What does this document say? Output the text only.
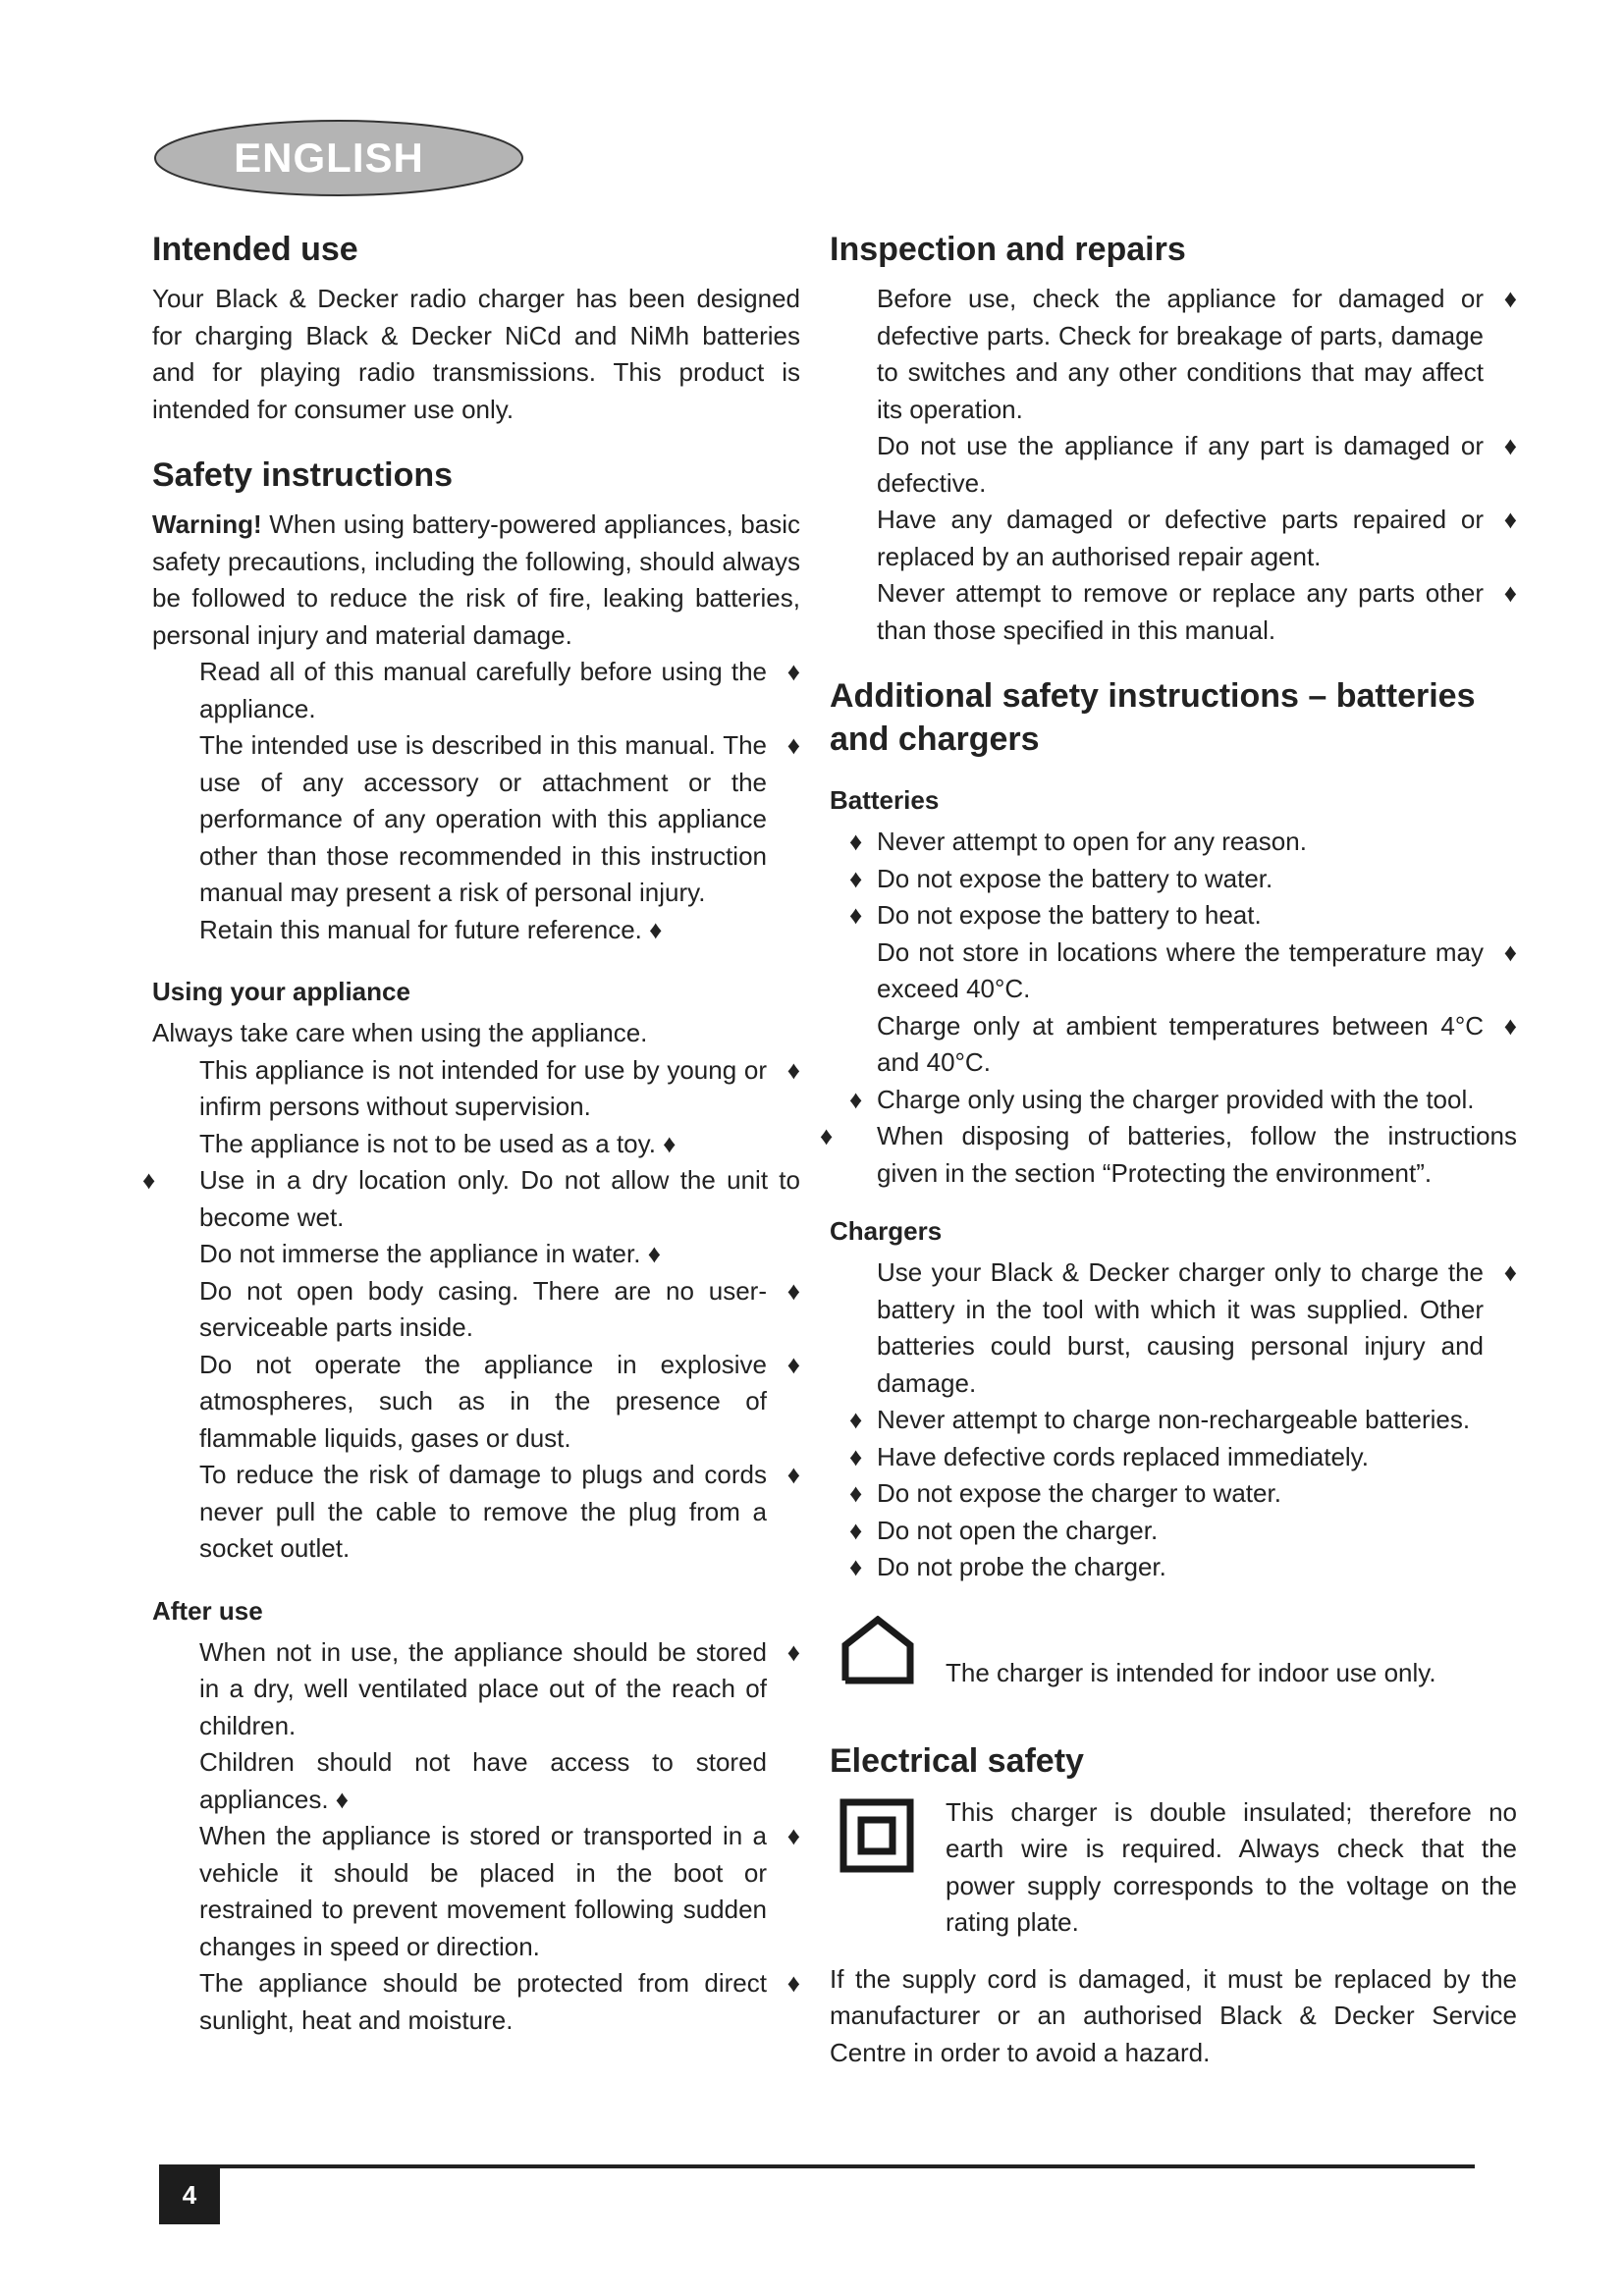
ENGLISH
Intended use

Your Black & Decker radio charger has been designed for charging Black & Decker NiCd and NiMh batteries and for playing radio transmissions. This product is intended for consumer use only.

Safety instructions

Warning! When using battery-powered appliances, basic safety precautions, including the following, should always be followed to reduce the risk of fire, leaking batteries, personal injury and material damage.

Read all of this manual carefully before using the appliance.
♦
The intended use is described in this manual. The use of any accessory or attachment or the performance of any operation with this appliance other than those recommended in this instruction manual may present a risk of personal injury.
♦
Retain this manual for future reference. ♦
Using your appliance

Always take care when using the appliance.

This appliance is not intended for use by young or infirm persons without supervision.
♦
The appliance is not to be used as a toy. ♦
♦	Use in a dry location only. Do not allow the unit to become wet.
Do not immerse the appliance in water. ♦
Do not open body casing. There are no user-serviceable parts inside.
♦
Do not operate the appliance in explosive atmospheres, such as in the presence of flammable liquids, gases or dust.
♦
To reduce the risk of damage to plugs and cords never pull the cable to remove the plug from a socket outlet.
♦
After use
When not in use, the appliance should be stored in a dry, well ventilated place out of the reach of children.
♦
Children should not have access to stored appliances. ♦
When the appliance is stored or transported in a vehicle it should be placed in the boot or restrained to prevent movement following sudden changes in speed or direction.
♦
The appliance should be protected from direct sunlight, heat and moisture.
♦
Inspection and repairs
Before use, check the appliance for damaged or defective parts. Check for breakage of parts, damage to switches and any other conditions that may affect its operation.
♦
Do not use the appliance if any part is damaged or defective.
♦
Have any damaged or defective parts repaired or replaced by an authorised repair agent.
♦
Never attempt to remove or replace any parts other than those specified in this manual.
♦
Additional safety instructions – batteries and chargers
Batteries
♦ Never attempt to open for any reason.
♦ Do not expose the battery to water.
♦ Do not expose the battery to heat.
Do not store in locations where the temperature may exceed 40°C.
♦
Charge only at ambient temperatures between 4°C and 40°C.
♦
♦ Charge only using the charger provided with the tool.
♦	When disposing of batteries, follow the instructions given in the section “Protecting the environment”.
Chargers
Use your Black & Decker charger only to charge the battery in the tool with which it was supplied. Other batteries could burst, causing personal injury and damage.
♦
♦ Never attempt to charge non-rechargeable batteries.
♦ Have defective cords replaced immediately.
♦ Do not expose the charger to water.
♦ Do not open the charger.
♦ Do not probe the charger.
The charger is intended for indoor use only.
Electrical safety
This charger is double insulated; therefore no earth wire is required. Always check that the power supply corresponds to the voltage on the rating plate.

If the supply cord is damaged, it must be replaced by the manufacturer or an authorised Black & Decker Service Centre in order to avoid a hazard.

4
